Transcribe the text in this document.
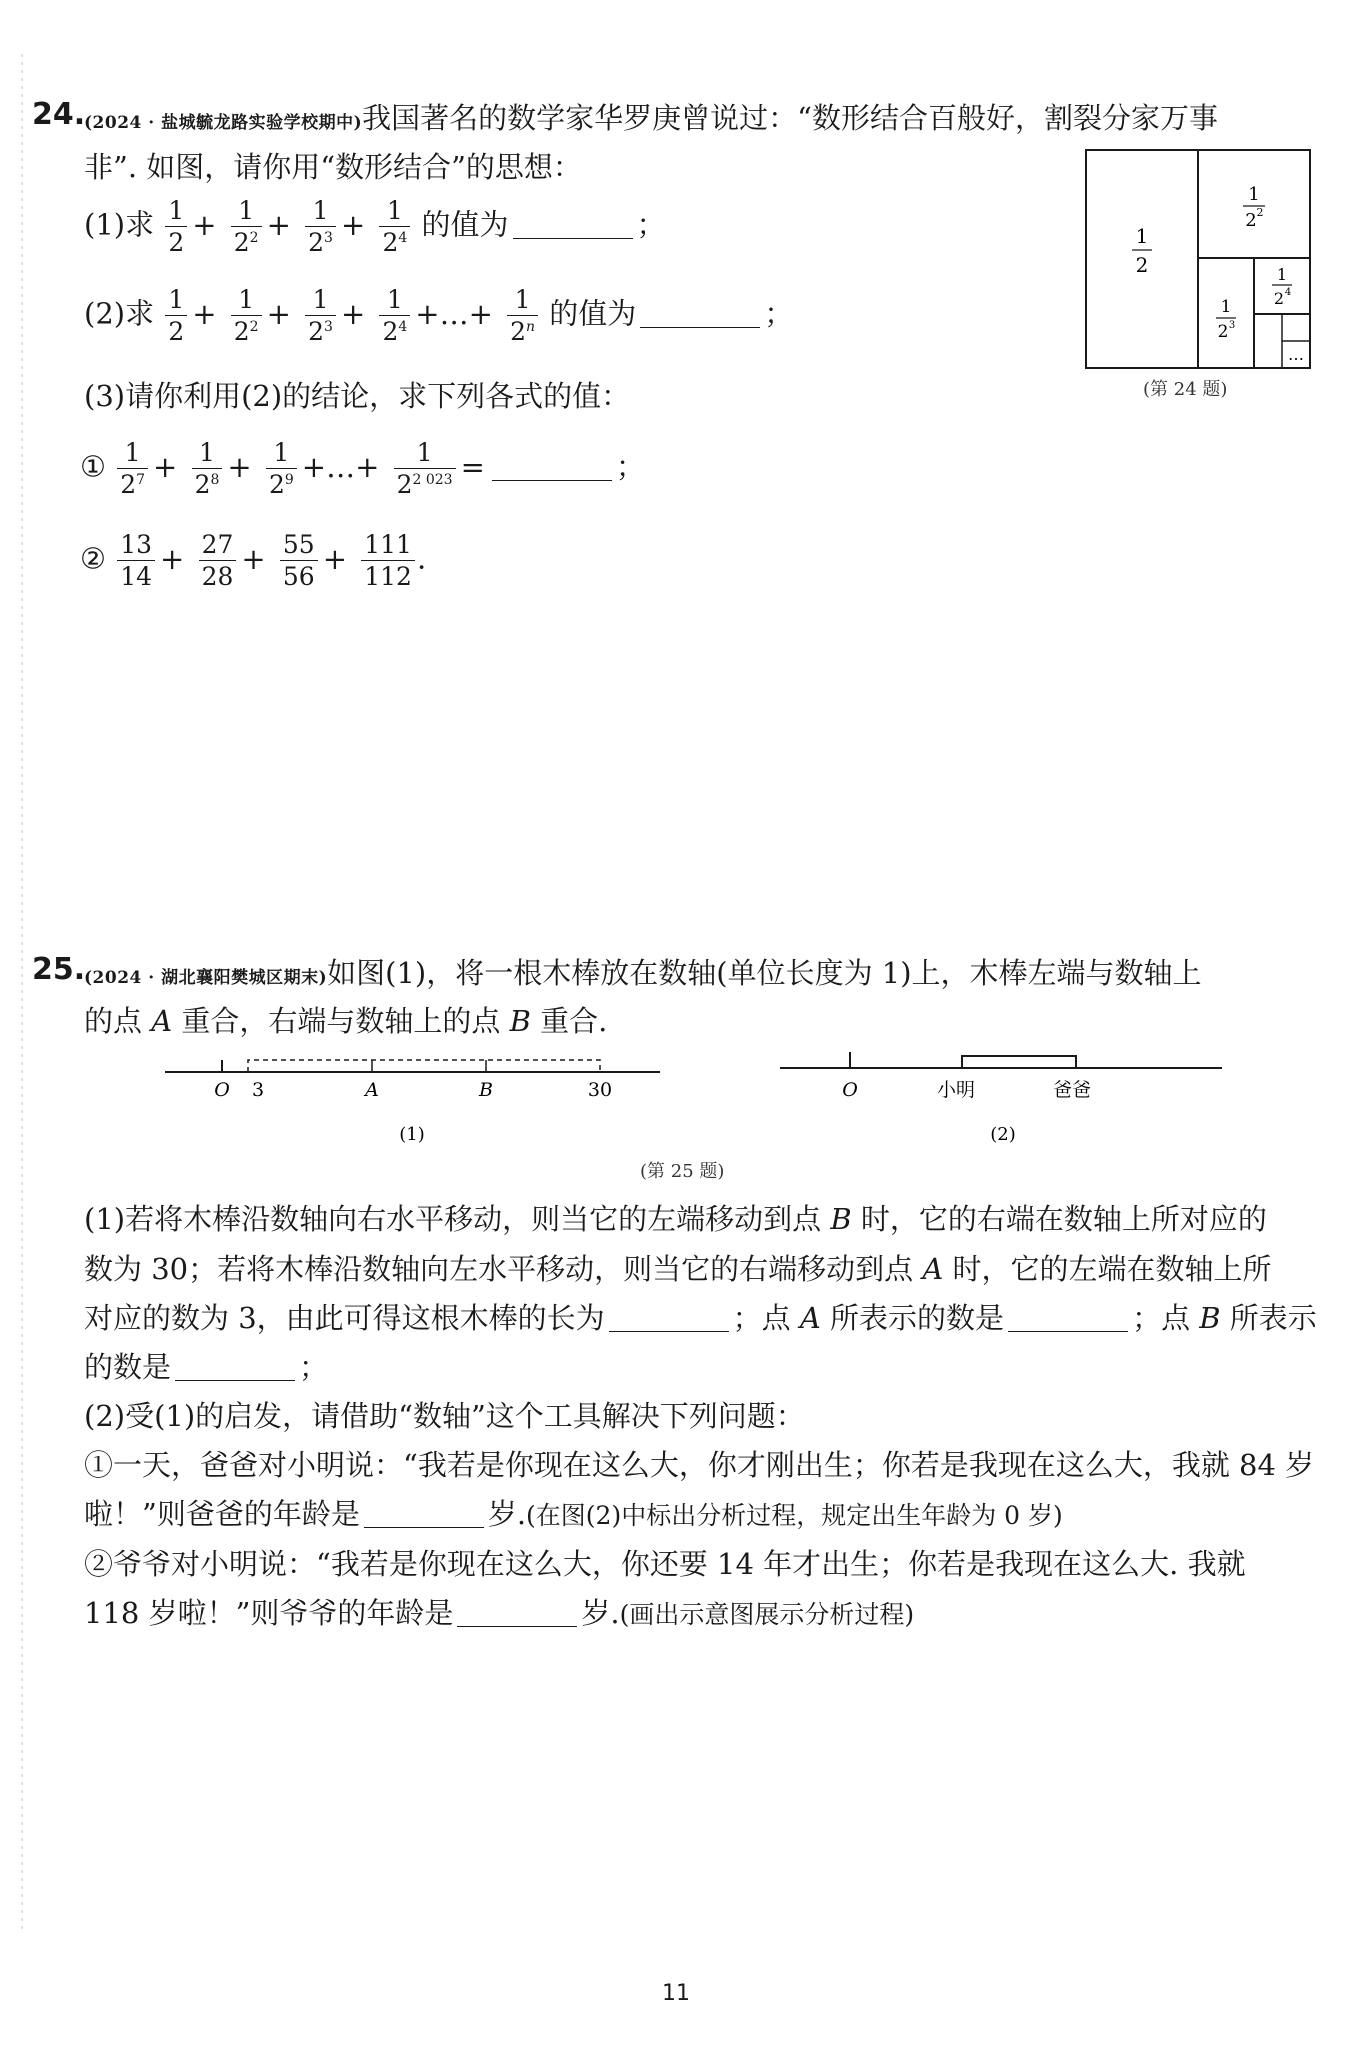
24.
(2024 · 盐城毓龙路实验学校期中)我国著名的数学家华罗庚曾说过：“数形结合百般好，割裂分家万事
非”. 如图，请你用“数形结合”的思想：
(1)求 $\frac{1}{2} + \frac{1}{2^2} + \frac{1}{2^3} + \frac{1}{2^4}$ 的值为	；
(2)求 $\frac{1}{2} + \frac{1}{2^2} + \frac{1}{2^3} + \frac{1}{2^4}$ +…+ $\frac{1}{2^n}$ 的值为	；
(3)请你利用(2)的结论，求下列各式的值：
① $\frac{1}{2^7} + \frac{1}{2^8} + \frac{1}{2^9}$ +…+ $\frac{1}{2^{2 023}}$ =	；
② $\frac{13}{14} + \frac{27}{28} + \frac{55}{56} + \frac{111}{112}$ .
1
2
1
2 2
1
2 3
1
2 4
…
(第 24 题)
25.
(2024 · 湖北襄阳樊城区期末)如图(1)，将一根木棒放在数轴(单位长度为 1)上，木棒左端与数轴上
的点 A 重合，右端与数轴上的点 B 重合.
O 3	A	B	30
(1)
O	小明	爸爸
(2)
(第 25 题)
(1)若将木棒沿数轴向右水平移动，则当它的左端移动到点 B 时，它的右端在数轴上所对应的
数为 30；若将木棒沿数轴向左水平移动，则当它的右端移动到点 A 时，它的左端在数轴上所
对应的数为 3，由此可得这根木棒的长为	；点 A 所表示的数是	；点 B 所表示
的数是	；
(2)受(1)的启发，请借助“数轴”这个工具解决下列问题：
①一天，爸爸对小明说：“我若是你现在这么大，你才刚出生；你若是我现在这么大，我就 84 岁
啦！”则爸爸的年龄是	岁.(在图(2)中标出分析过程，规定出生年龄为 0 岁)
②爷爷对小明说：“我若是你现在这么大，你还要 14 年才出生；你若是我现在这么大. 我就
118 岁啦！”则爷爷的年龄是	岁.(画出示意图展示分析过程)
11
